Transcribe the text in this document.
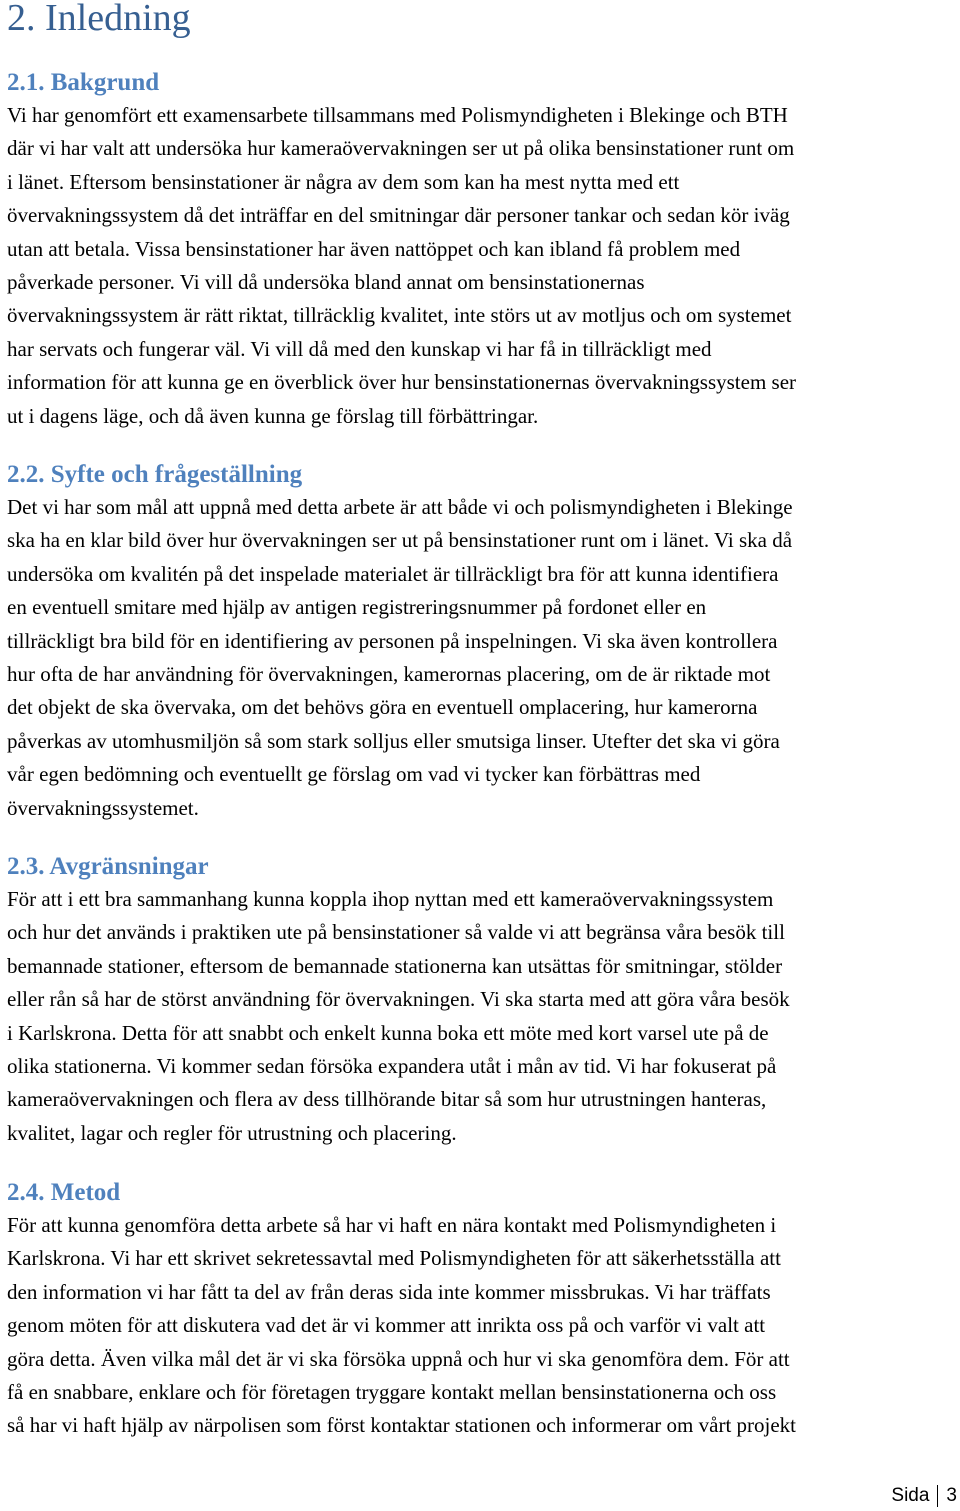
2. Inledning
2.1. Bakgrund

Vi har genomfört ett examensarbete tillsammans med Polismyndigheten i Blekinge och BTH
där vi har valt att undersöka hur kameraövervakningen ser ut på olika bensinstationer runt om
i länet. Eftersom bensinstationer är några av dem som kan ha mest nytta med ett
övervakningssystem då det inträffar en del smitningar där personer tankar och sedan kör iväg
utan att betala. Vissa bensinstationer har även nattöppet och kan ibland få problem med
påverkade personer. Vi vill då undersöka bland annat om bensinstationernas
övervakningssystem är rätt riktat, tillräcklig kvalitet, inte störs ut av motljus och om systemet
har servats och fungerar väl. Vi vill då med den kunskap vi har få in tillräckligt med
information för att kunna ge en överblick över hur bensinstationernas övervakningssystem ser
ut i dagens läge, och då även kunna ge förslag till förbättringar.

2.2. Syfte och frågeställning

Det vi har som mål att uppnå med detta arbete är att både vi och polismyndigheten i Blekinge
ska ha en klar bild över hur övervakningen ser ut på bensinstationer runt om i länet. Vi ska då
undersöka om kvalitén på det inspelade materialet är tillräckligt bra för att kunna identifiera
en eventuell smitare med hjälp av antigen registreringsnummer på fordonet eller en
tillräckligt bra bild för en identifiering av personen på inspelningen. Vi ska även kontrollera
hur ofta de har användning för övervakningen, kamerornas placering, om de är riktade mot
det objekt de ska övervaka, om det behövs göra en eventuell omplacering, hur kamerorna
påverkas av utomhusmiljön så som stark solljus eller smutsiga linser. Utefter det ska vi göra
vår egen bedömning och eventuellt ge förslag om vad vi tycker kan förbättras med
övervakningssystemet.

2.3. Avgränsningar

För att i ett bra sammanhang kunna koppla ihop nyttan med ett kameraövervakningssystem
och hur det används i praktiken ute på bensinstationer så valde vi att begränsa våra besök till
bemannade stationer, eftersom de bemannade stationerna kan utsättas för smitningar, stölder
eller rån så har de störst användning för övervakningen. Vi ska starta med att göra våra besök
i Karlskrona. Detta för att snabbt och enkelt kunna boka ett möte med kort varsel ute på de
olika stationerna. Vi kommer sedan försöka expandera utåt i mån av tid. Vi har fokuserat på
kameraövervakningen och flera av dess tillhörande bitar så som hur utrustningen hanteras,
kvalitet, lagar och regler för utrustning och placering.

2.4. Metod

För att kunna genomföra detta arbete så har vi haft en nära kontakt med Polismyndigheten i
Karlskrona. Vi har ett skrivet sekretessavtal med Polismyndigheten för att säkerhetsställa att
den information vi har fått ta del av från deras sida inte kommer missbrukas. Vi har träffats
genom möten för att diskutera vad det är vi kommer att inrikta oss på och varför vi valt att
göra detta. Även vilka mål det är vi ska försöka uppnå och hur vi ska genomföra dem. För att
få en snabbare, enklare och för företagen tryggare kontakt mellan bensinstationerna och oss
så har vi haft hjälp av närpolisen som först kontaktar stationen och informerar om vårt projekt

Sida 3
